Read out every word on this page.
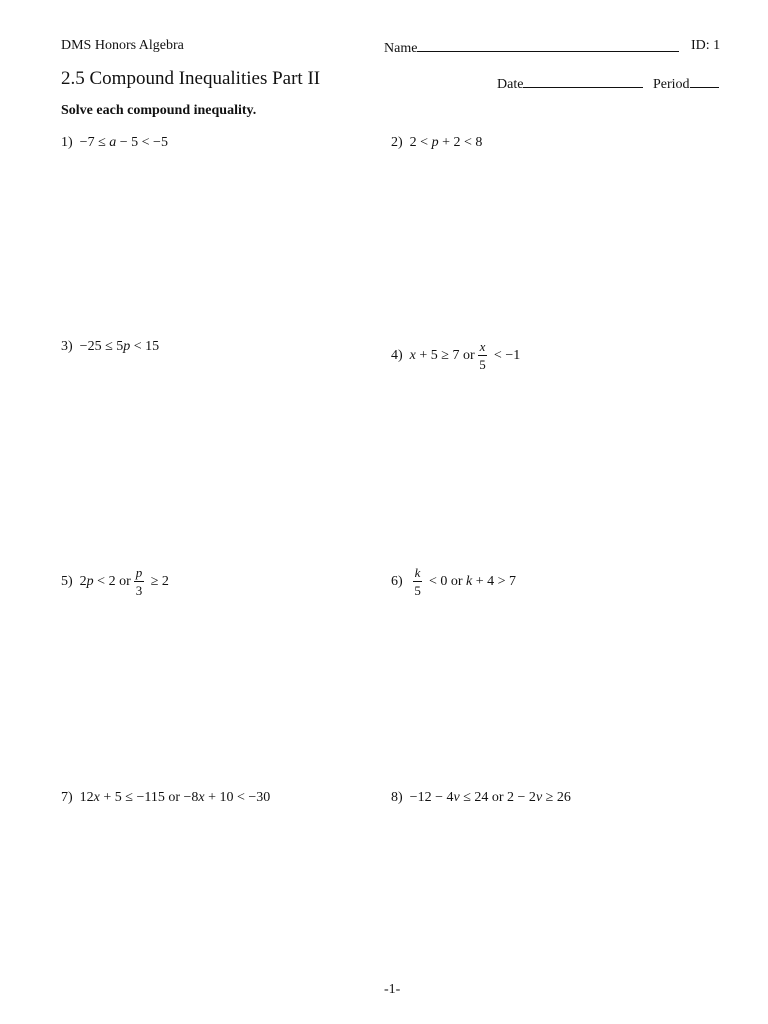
DMS Honors Algebra	Name	ID: 1
2.5 Compound Inequalities Part II	Date	Period
Solve each compound inequality.
1) −7 ≤ a − 5 < −5	2) 2 < p + 2 < 8
3) −25 ≤ 5 p < 15
4) x + 5 ≥ 7 or $\frac{x}{5} < -1$
5) 2 p < 2 or $\frac{p}{3} \ge 2$	$6) \frac{k}{5} < 0$ or k + 4 > 7
7) 12 x + 5 ≤ −115 or −8 x + 10 < −30	8) −12 − 4 v ≤ 24 or 2 − 2 v ≥ 26
-1-
